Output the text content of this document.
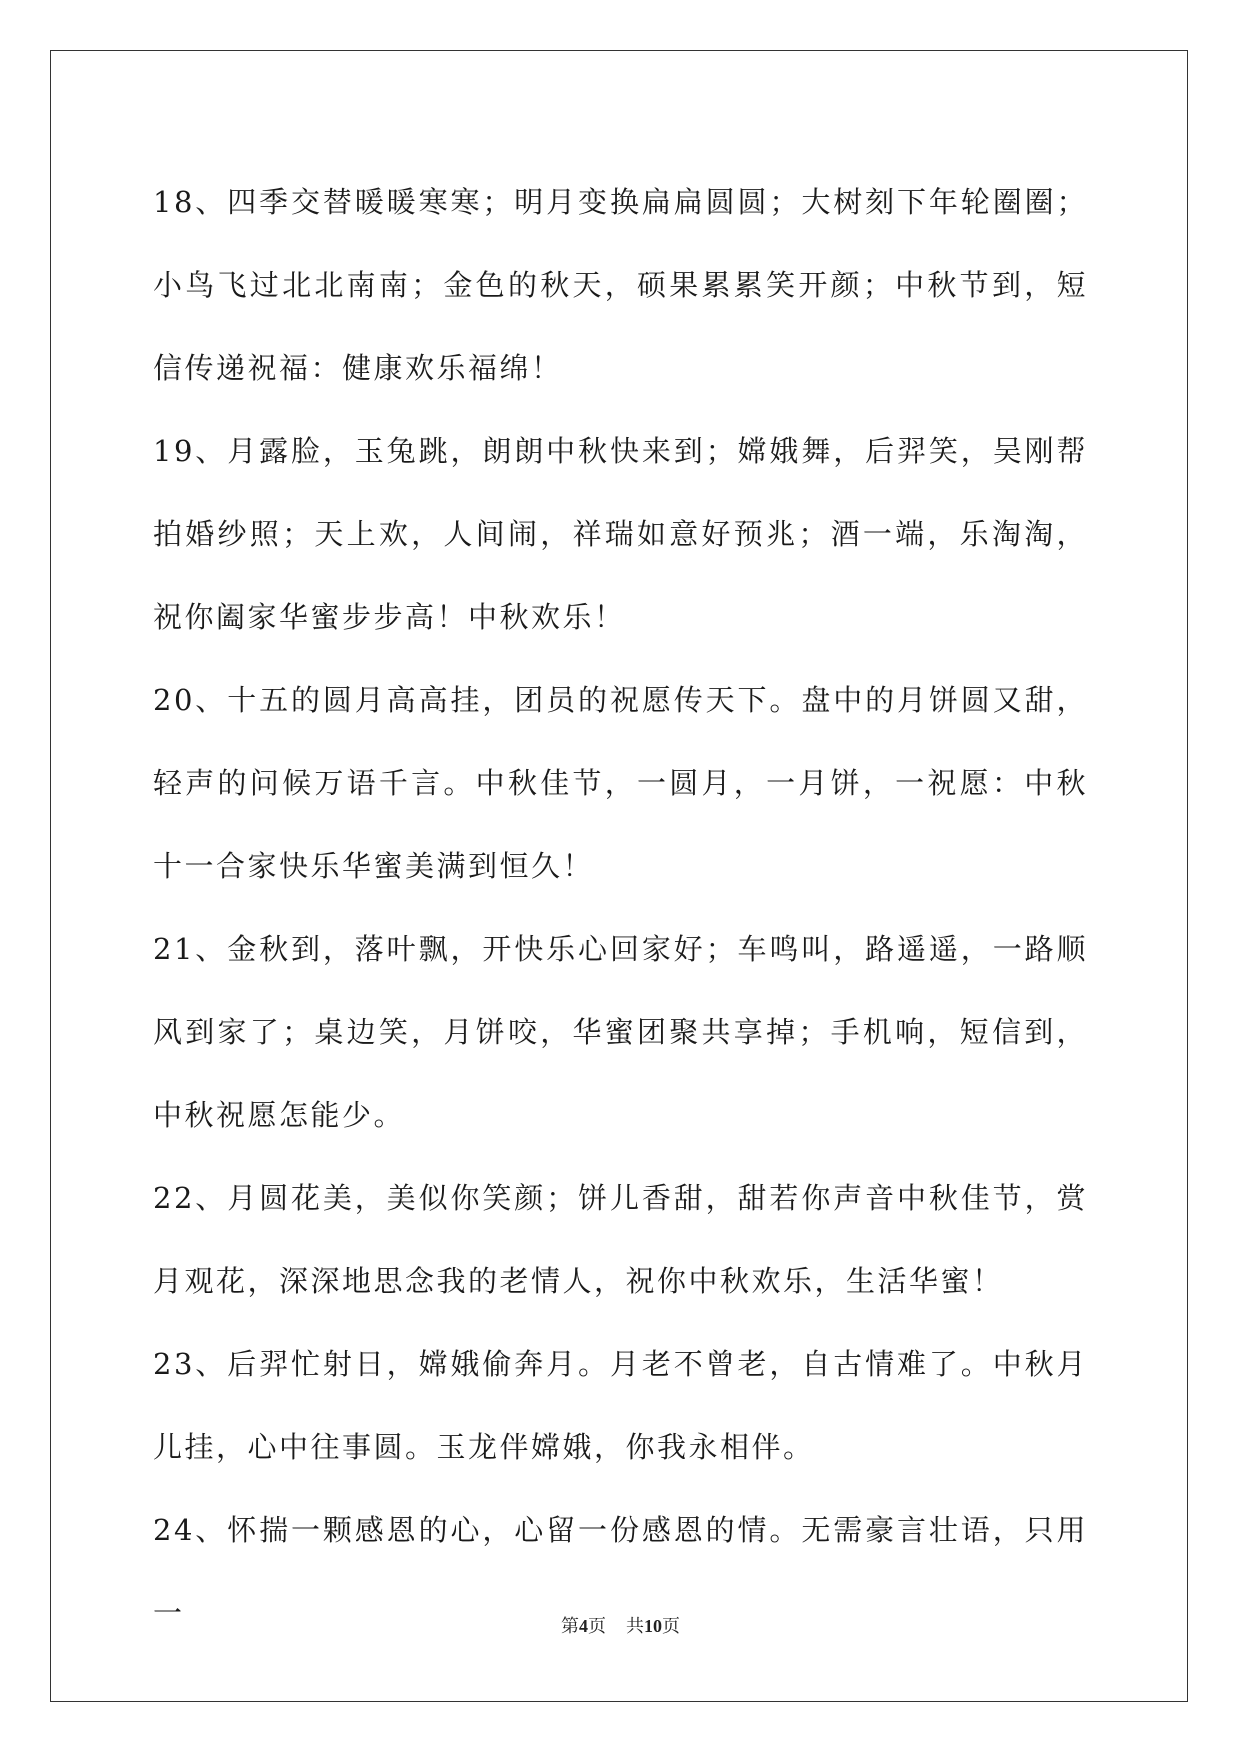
18、四季交替暖暖寒寒；明月变换扁扁圆圆；大树刻下年轮圈圈；小鸟飞过北北南南；金色的秋天，硕果累累笑开颜；中秋节到，短信传递祝福：健康欢乐福绵！

19、月露脸，玉兔跳，朗朗中秋快来到；嫦娥舞，后羿笑，吴刚帮拍婚纱照；天上欢，人间闹，祥瑞如意好预兆；酒一端，乐淘淘，祝你阖家华蜜步步高！中秋欢乐！

20、十五的圆月高高挂，团员的祝愿传天下。盘中的月饼圆又甜，轻声的问候万语千言。中秋佳节，一圆月，一月饼，一祝愿：中秋十一合家快乐华蜜美满到恒久！

21、金秋到，落叶飘，开快乐心回家好；车鸣叫，路遥遥，一路顺风到家了；桌边笑，月饼咬，华蜜团聚共享掉；手机响，短信到，中秋祝愿怎能少。

22、月圆花美，美似你笑颜；饼儿香甜，甜若你声音中秋佳节，赏月观花，深深地思念我的老情人，祝你中秋欢乐，生活华蜜！

23、后羿忙射日，嫦娥偷奔月。月老不曾老，自古情难了。中秋月儿挂，心中往事圆。玉龙伴嫦娥，你我永相伴。

24、怀揣一颗感恩的心，心留一份感恩的情。无需豪言壮语，只用一	第4页 共10页
